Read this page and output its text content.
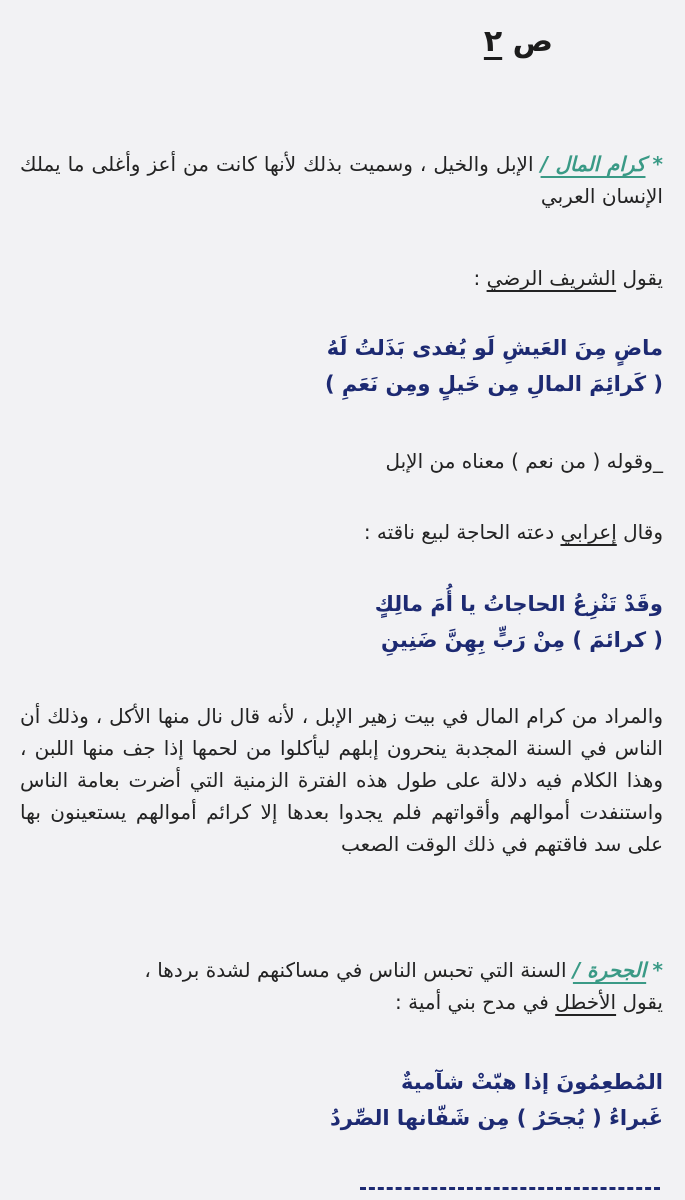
ص ٢
* كرام المال / الإبل والخيل ، وسميت بذلك لأنها كانت من أعز وأغلى ما يملك الإنسان العربي
يقول الشريف الرضي :
ماضٍ مِنَ العَيشِ لَو يُفدى بَذَلتُ لَهُ
( كَرائِمَ المالِ مِن خَيلٍ ومِن نَعَمِ )
_وقوله ( من نعم ) معناه من الإبل
وقال إعرابي دعته الحاجة لبيع ناقته :
وقَدْ تَنْزِعُ الحاجاتُ يا أُمَ مالِكٍ
( كرائمَ ) مِنْ رَبٍّ بِهِنَّ ضَنِينِ
والمراد من كرام المال في بيت زهير الإبل ، لأنه قال نال منها الأكل ، وذلك أن الناس في السنة المجدبة ينحرون إبلهم ليأكلوا من لحمها إذا جف منها اللبن ، وهذا الكلام فيه دلالة على طول هذه الفترة الزمنية التي أضرت بعامة الناس واستنفدت أموالهم وأقواتهم فلم يجدوا بعدها إلا كرائم أموالهم يستعينون بها على سد فاقتهم في ذلك الوقت الصعب
* الجحرة / السنة التي تحبس الناس في مساكنهم لشدة بردها ،
يقول الأخطل في مدح بني أمية :
المُطعِمُونَ إذا هبّتْ شآميةٌ
غَبراءُ ( يُجحَرُ ) مِن شَفّانها الصِّردُ
